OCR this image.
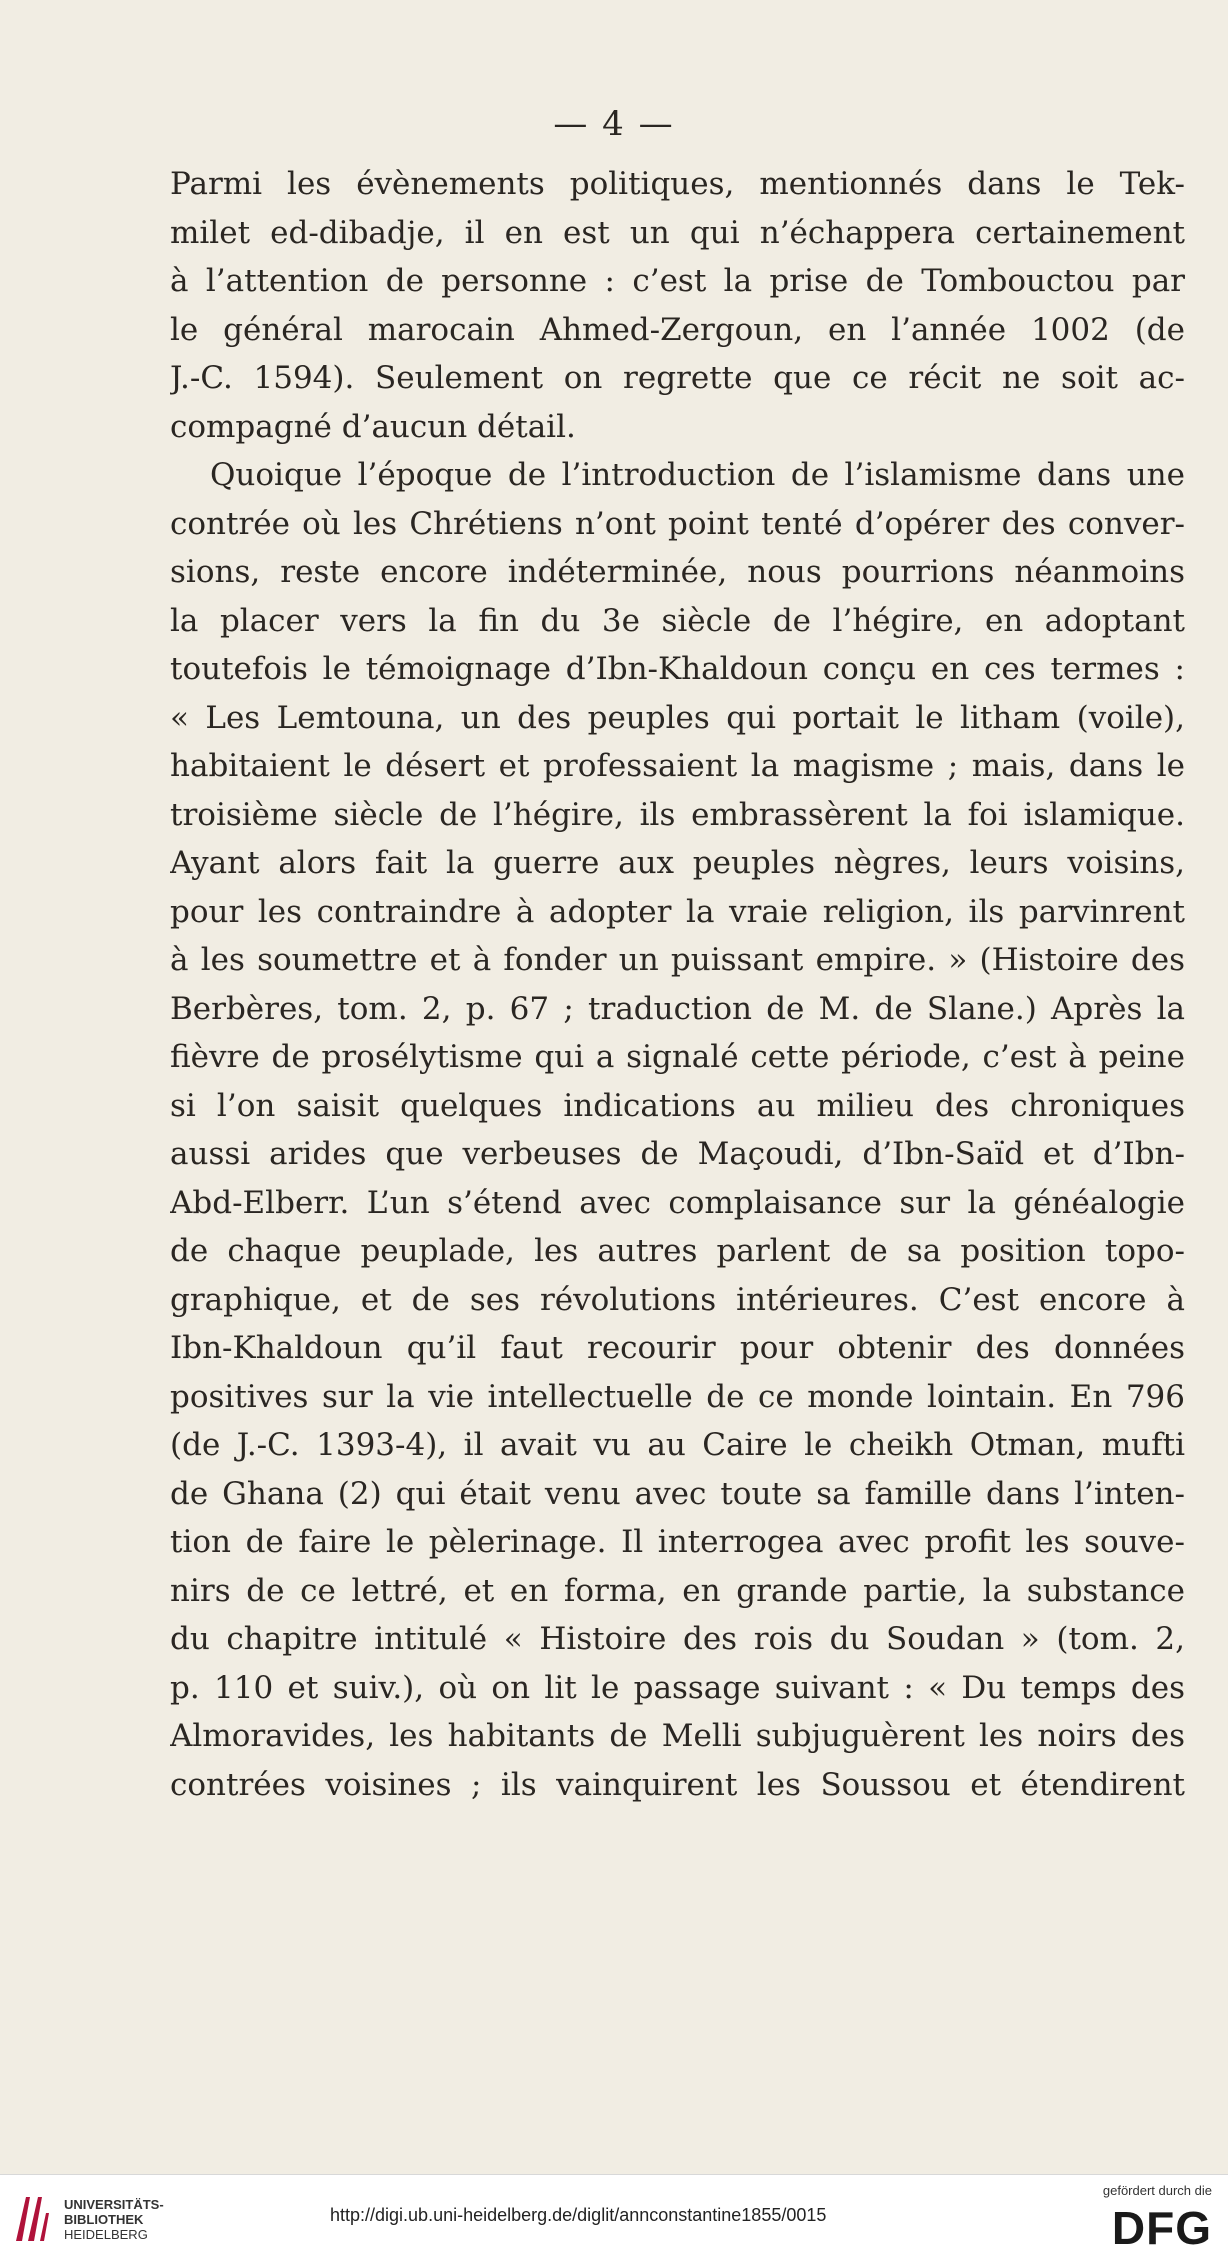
— 4 —
Parmi les évènements politiques, mentionnés dans le Tek-
milet ed-dibadje, il en est un qui n’échappera certainement
à l’attention de personne : c’est la prise de Tombouctou par
le général marocain Ahmed-Zergoun, en l’année 1002 (de
J.-C. 1594). Seulement on regrette que ce récit ne soit ac-
compagné d’aucun détail.
Quoique l’époque de l’introduction de l’islamisme dans une
contrée où les Chrétiens n’ont point tenté d’opérer des conver-
sions, reste encore indéterminée, nous pourrions néanmoins
la placer vers la fin du 3e siècle de l’hégire, en adoptant
toutefois le témoignage d’Ibn-Khaldoun conçu en ces termes :
« Les Lemtouna, un des peuples qui portait le litham (voile),
habitaient le désert et professaient la magisme ; mais, dans le
troisième siècle de l’hégire, ils embrassèrent la foi islamique.
Ayant alors fait la guerre aux peuples nègres, leurs voisins,
pour les contraindre à adopter la vraie religion, ils parvinrent
à les soumettre et à fonder un puissant empire. » (Histoire des
Berbères, tom. 2, p. 67 ; traduction de M. de Slane.) Après la
fièvre de prosélytisme qui a signalé cette période, c’est à peine
si l’on saisit quelques indications au milieu des chroniques
aussi arides que verbeuses de Maçoudi, d’Ibn-Saïd et d’Ibn-
Abd-Elberr. L’un s’étend avec complaisance sur la généalogie
de chaque peuplade, les autres parlent de sa position topo-
graphique, et de ses révolutions intérieures. C’est encore à
Ibn-Khaldoun qu’il faut recourir pour obtenir des données
positives sur la vie intellectuelle de ce monde lointain. En 796
(de J.-C. 1393-4), il avait vu au Caire le cheikh Otman, mufti
de Ghana (2) qui était venu avec toute sa famille dans l’inten-
tion de faire le pèlerinage. Il interrogea avec profit les souve-
nirs de ce lettré, et en forma, en grande partie, la substance
du chapitre intitulé « Histoire des rois du Soudan » (tom. 2,
p. 110 et suiv.), où on lit le passage suivant : « Du temps des
Almoravides, les habitants de Melli subjuguèrent les noirs des
contrées voisines ; ils vainquirent les Soussou et étendirent
UNIVERSITÄTS-
BIBLIOTHEK
HEIDELBERG
http://digi.ub.uni-heidelberg.de/diglit/annconstantine1855/0015
gefördert durch die
DFG
